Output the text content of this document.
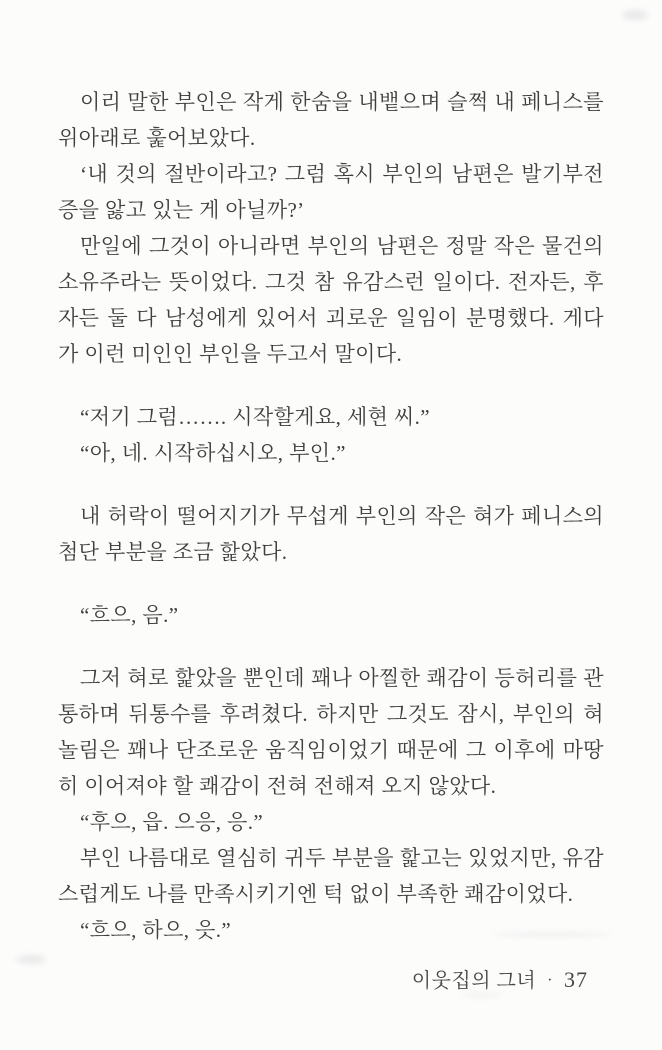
이리 말한 부인은 작게 한숨을 내뱉으며 슬쩍 내 페니스를 위아래로 훑어보았다.

‘내 것의 절반이라고? 그럼 혹시 부인의 남편은 발기부전증을 앓고 있는 게 아닐까?’

만일에 그것이 아니라면 부인의 남편은 정말 작은 물건의 소유주라는 뜻이었다. 그것 참 유감스런 일이다. 전자든, 후자든 둘 다 남성에게 있어서 괴로운 일임이 분명했다. 게다가 이런 미인인 부인을 두고서 말이다.

“저기 그럼……. 시작할게요, 세현 씨.”

“아, 네. 시작하십시오, 부인.”

내 허락이 떨어지기가 무섭게 부인의 작은 혀가 페니스의 첨단 부분을 조금 핥았다.

“흐으, 음.”

그저 혀로 핥았을 뿐인데 꽤나 아찔한 쾌감이 등허리를 관통하며 뒤통수를 후려쳤다. 하지만 그것도 잠시, 부인의 혀 놀림은 꽤나 단조로운 움직임이었기 때문에 그 이후에 마땅히 이어져야 할 쾌감이 전혀 전해져 오지 않았다.

“후으, 읍. 으응, 응.”

부인 나름대로 열심히 귀두 부분을 핥고는 있었지만, 유감스럽게도 나를 만족시키기엔 턱 없이 부족한 쾌감이었다.

“흐으, 하으, 읏.”

이웃집의 그녀 · 37
